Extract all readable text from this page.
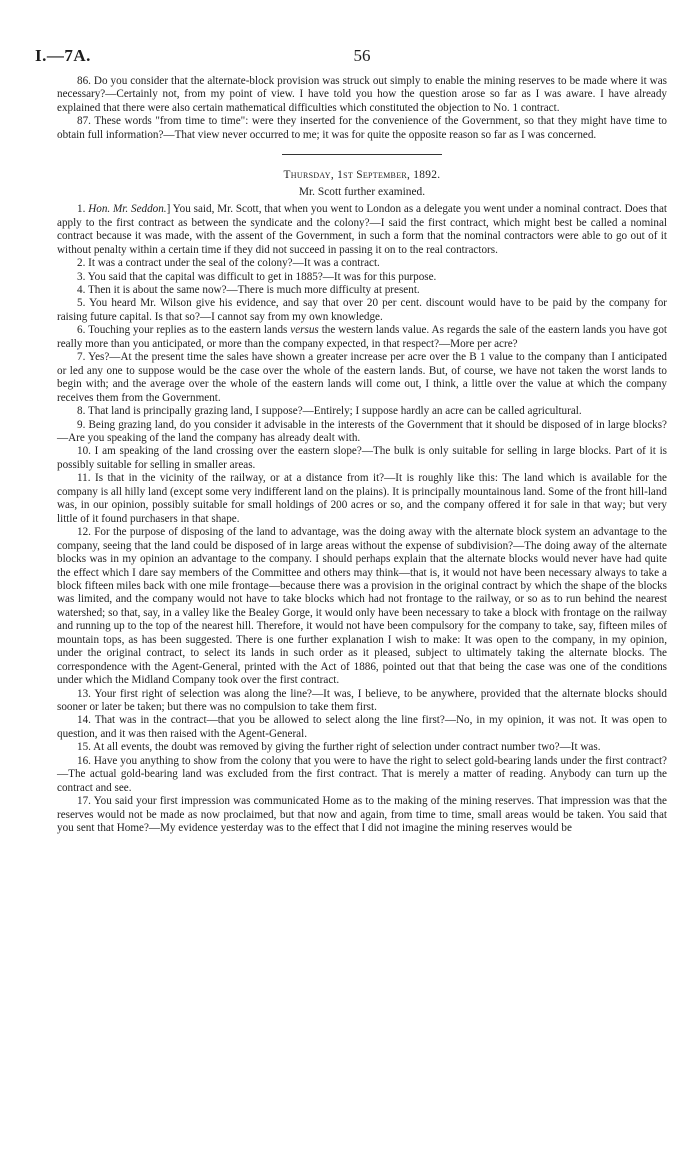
I.—7A.	56

86. Do you consider that the alternate-block provision was struck out simply to enable the mining reserves to be made where it was necessary?—Certainly not, from my point of view. I have told you how the question arose so far as I was aware. I have already explained that there were also certain mathematical difficulties which constituted the objection to No. 1 contract.

87. These words "from time to time": were they inserted for the convenience of the Government, so that they might have time to obtain full information?—That view never occurred to me; it was for quite the opposite reason so far as I was concerned.

Thursday, 1st September, 1892.
Mr. Scott further examined.

1. Hon. Mr. Seddon.] You said, Mr. Scott, that when you went to London as a delegate you went under a nominal contract. Does that apply to the first contract as between the syndicate and the colony?—I said the first contract, which might best be called a nominal contract because it was made, with the assent of the Government, in such a form that the nominal contractors were able to go out of it without penalty within a certain time if they did not succeed in passing it on to the real contractors.

2. It was a contract under the seal of the colony?—It was a contract.

3. You said that the capital was difficult to get in 1885?—It was for this purpose.

4. Then it is about the same now?—There is much more difficulty at present.

5. You heard Mr. Wilson give his evidence, and say that over 20 per cent. discount would have to be paid by the company for raising future capital. Is that so?—I cannot say from my own knowledge.

6. Touching your replies as to the eastern lands versus the western lands value. As regards the sale of the eastern lands you have got really more than you anticipated, or more than the company expected, in that respect?—More per acre?

7. Yes?—At the present time the sales have shown a greater increase per acre over the B 1 value to the company than I anticipated or led any one to suppose would be the case over the whole of the eastern lands. But, of course, we have not taken the worst lands to begin with; and the average over the whole of the eastern lands will come out, I think, a little over the value at which the company receives them from the Government.

8. That land is principally grazing land, I suppose?—Entirely; I suppose hardly an acre can be called agricultural.

9. Being grazing land, do you consider it advisable in the interests of the Government that it should be disposed of in large blocks?—Are you speaking of the land the company has already dealt with.

10. I am speaking of the land crossing over the eastern slope?—The bulk is only suitable for selling in large blocks. Part of it is possibly suitable for selling in smaller areas.

11. Is that in the vicinity of the railway, or at a distance from it?—It is roughly like this: The land which is available for the company is all hilly land (except some very indifferent land on the plains). It is principally mountainous land. Some of the front hill-land was, in our opinion, possibly suitable for small holdings of 200 acres or so, and the company offered it for sale in that way; but very little of it found purchasers in that shape.

12. For the purpose of disposing of the land to advantage, was the doing away with the alternate block system an advantage to the company, seeing that the land could be disposed of in large areas without the expense of subdivision?—The doing away of the alternate blocks was in my opinion an advantage to the company. I should perhaps explain that the alternate blocks would never have had quite the effect which I dare say members of the Committee and others may think—that is, it would not have been necessary always to take a block fifteen miles back with one mile frontage—because there was a provision in the original contract by which the shape of the blocks was limited, and the company would not have to take blocks which had not frontage to the railway, or so as to run behind the nearest watershed; so that, say, in a valley like the Bealey Gorge, it would only have been necessary to take a block with frontage on the railway and running up to the top of the nearest hill. Therefore, it would not have been compulsory for the company to take, say, fifteen miles of mountain tops, as has been suggested. There is one further explanation I wish to make: It was open to the company, in my opinion, under the original contract, to select its lands in such order as it pleased, subject to ultimately taking the alternate blocks. The correspondence with the Agent-General, printed with the Act of 1886, pointed out that that being the case was one of the conditions under which the Midland Company took over the first contract.

13. Your first right of selection was along the line?—It was, I believe, to be anywhere, provided that the alternate blocks should sooner or later be taken; but there was no compulsion to take them first.

14. That was in the contract—that you be allowed to select along the line first?—No, in my opinion, it was not. It was open to question, and it was then raised with the Agent-General.

15. At all events, the doubt was removed by giving the further right of selection under contract number two?—It was.

16. Have you anything to show from the colony that you were to have the right to select gold-bearing lands under the first contract?—The actual gold-bearing land was excluded from the first contract. That is merely a matter of reading. Anybody can turn up the contract and see.

17. You said your first impression was communicated Home as to the making of the mining reserves. That impression was that the reserves would not be made as now proclaimed, but that now and again, from time to time, small areas would be taken. You said that you sent that Home?—My evidence yesterday was to the effect that I did not imagine the mining reserves would be
